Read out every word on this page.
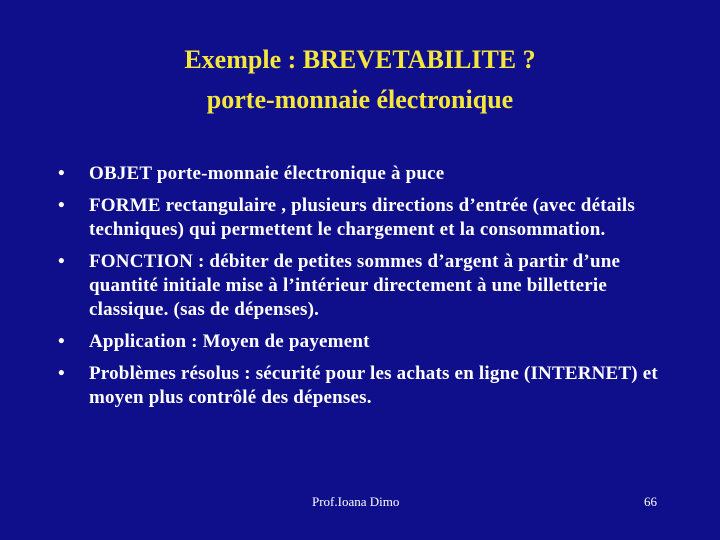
Exemple : BREVETABILITE ?
porte-monnaie électronique
•	OBJET porte-monnaie électronique à puce
•	FORME rectangulaire , plusieurs directions d’entrée (avec détails techniques) qui permettent le chargement et la consommation.
•	FONCTION : débiter de petites sommes d’argent à partir d’une quantité initiale mise à l’intérieur directement à une billetterie classique. (sas de dépenses).
•	Application : Moyen de payement
•	Problèmes résolus : sécurité pour les achats en ligne (INTERNET) et moyen plus contrôlé des dépenses.
Prof.Ioana Dimo	66
